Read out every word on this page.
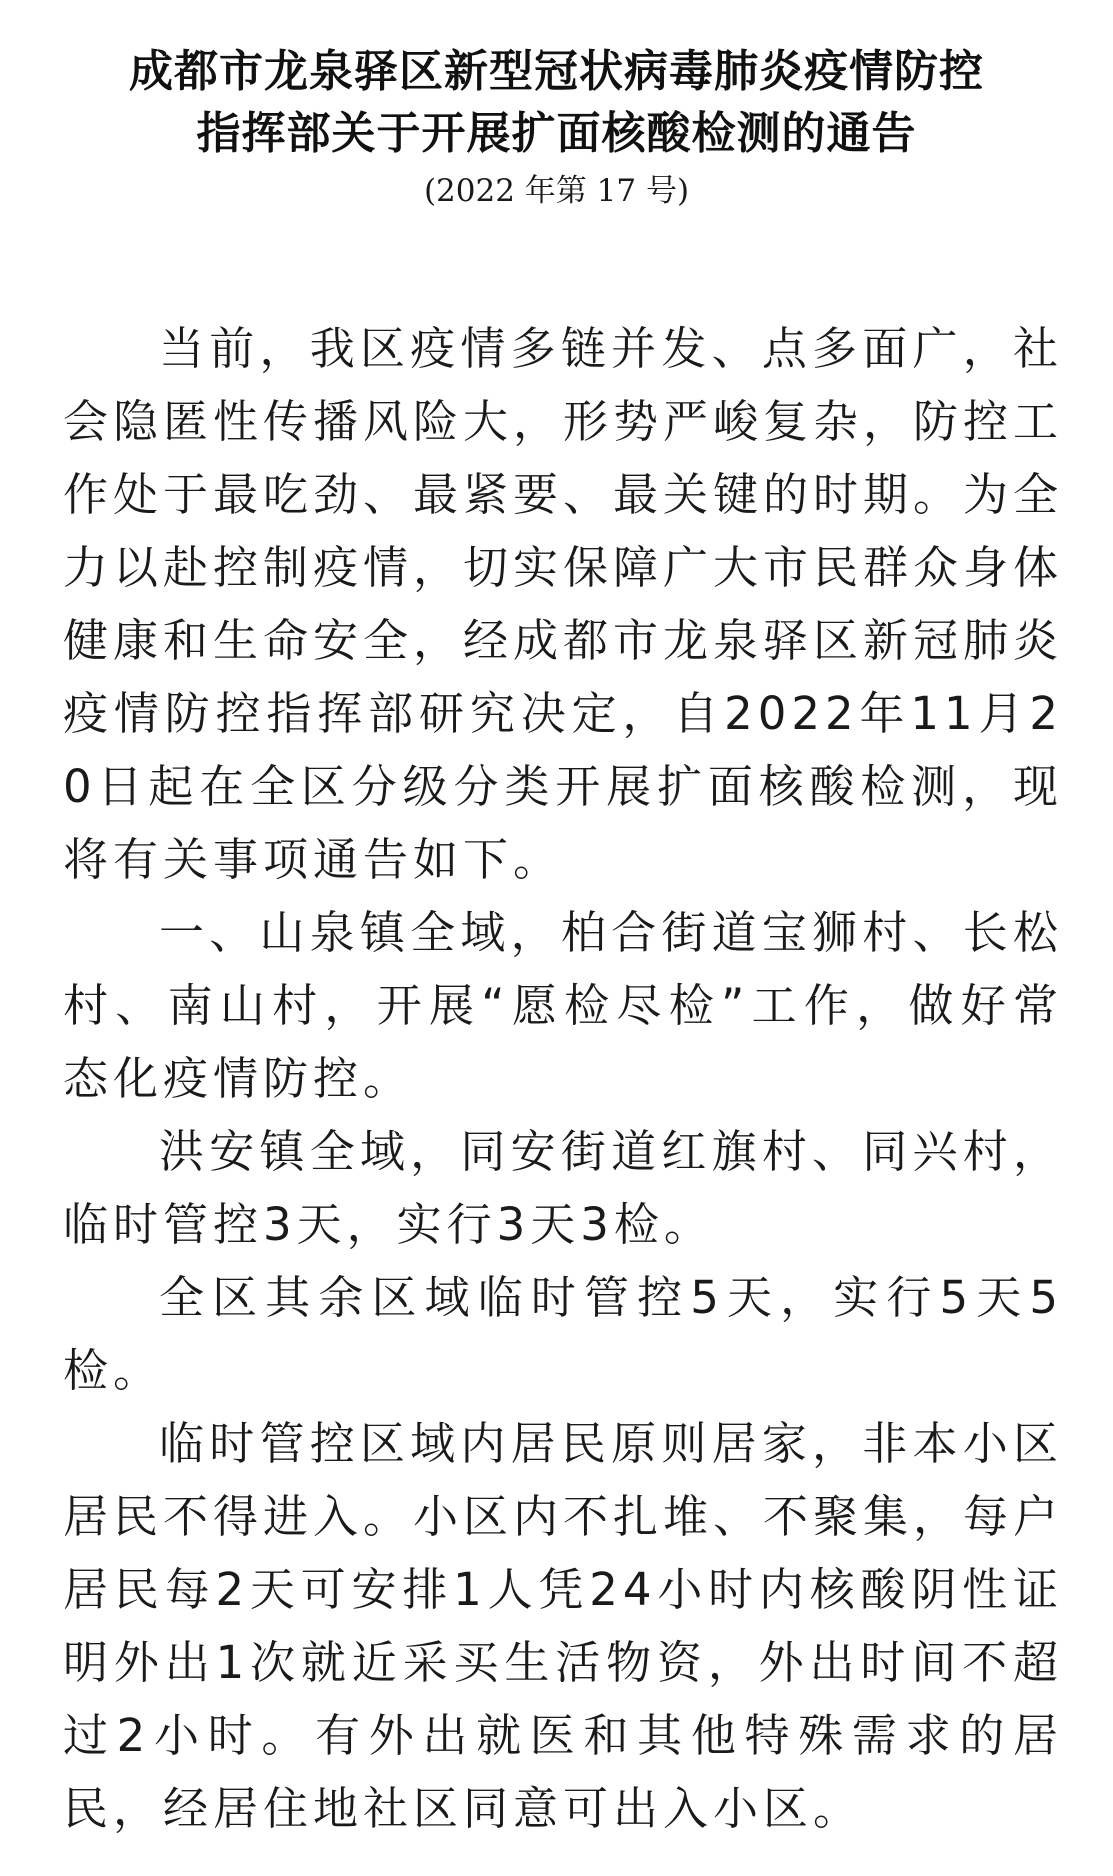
成都市龙泉驿区新型冠状病毒肺炎疫情防控
指挥部关于开展扩面核酸检测的通告
(2022 年第 17 号)

当前，我区疫情多链并发、点多面广，社会隐匿性传播风险大，形势严峻复杂，防控工作处于最吃劲、最紧要、最关键的时期。为全力以赴控制疫情，切实保障广大市民群众身体健康和生命安全，经成都市龙泉驿区新冠肺炎疫情防控指挥部研究决定，自2022年11月20日起在全区分级分类开展扩面核酸检测，现将有关事项通告如下。

一、山泉镇全域，柏合街道宝狮村、长松村、南山村，开展“愿检尽检”工作，做好常态化疫情防控。

洪安镇全域，同安街道红旗村、同兴村，临时管控3天，实行3天3检。

全区其余区域临时管控5天，实行5天5检。

临时管控区域内居民原则居家，非本小区居民不得进入。小区内不扎堆、不聚集，每户居民每2天可安排1人凭24小时内核酸阴性证明外出1次就近采买生活物资，外出时间不超过2小时。有外出就医和其他特殊需求的居民，经居住地社区同意可出入小区。
